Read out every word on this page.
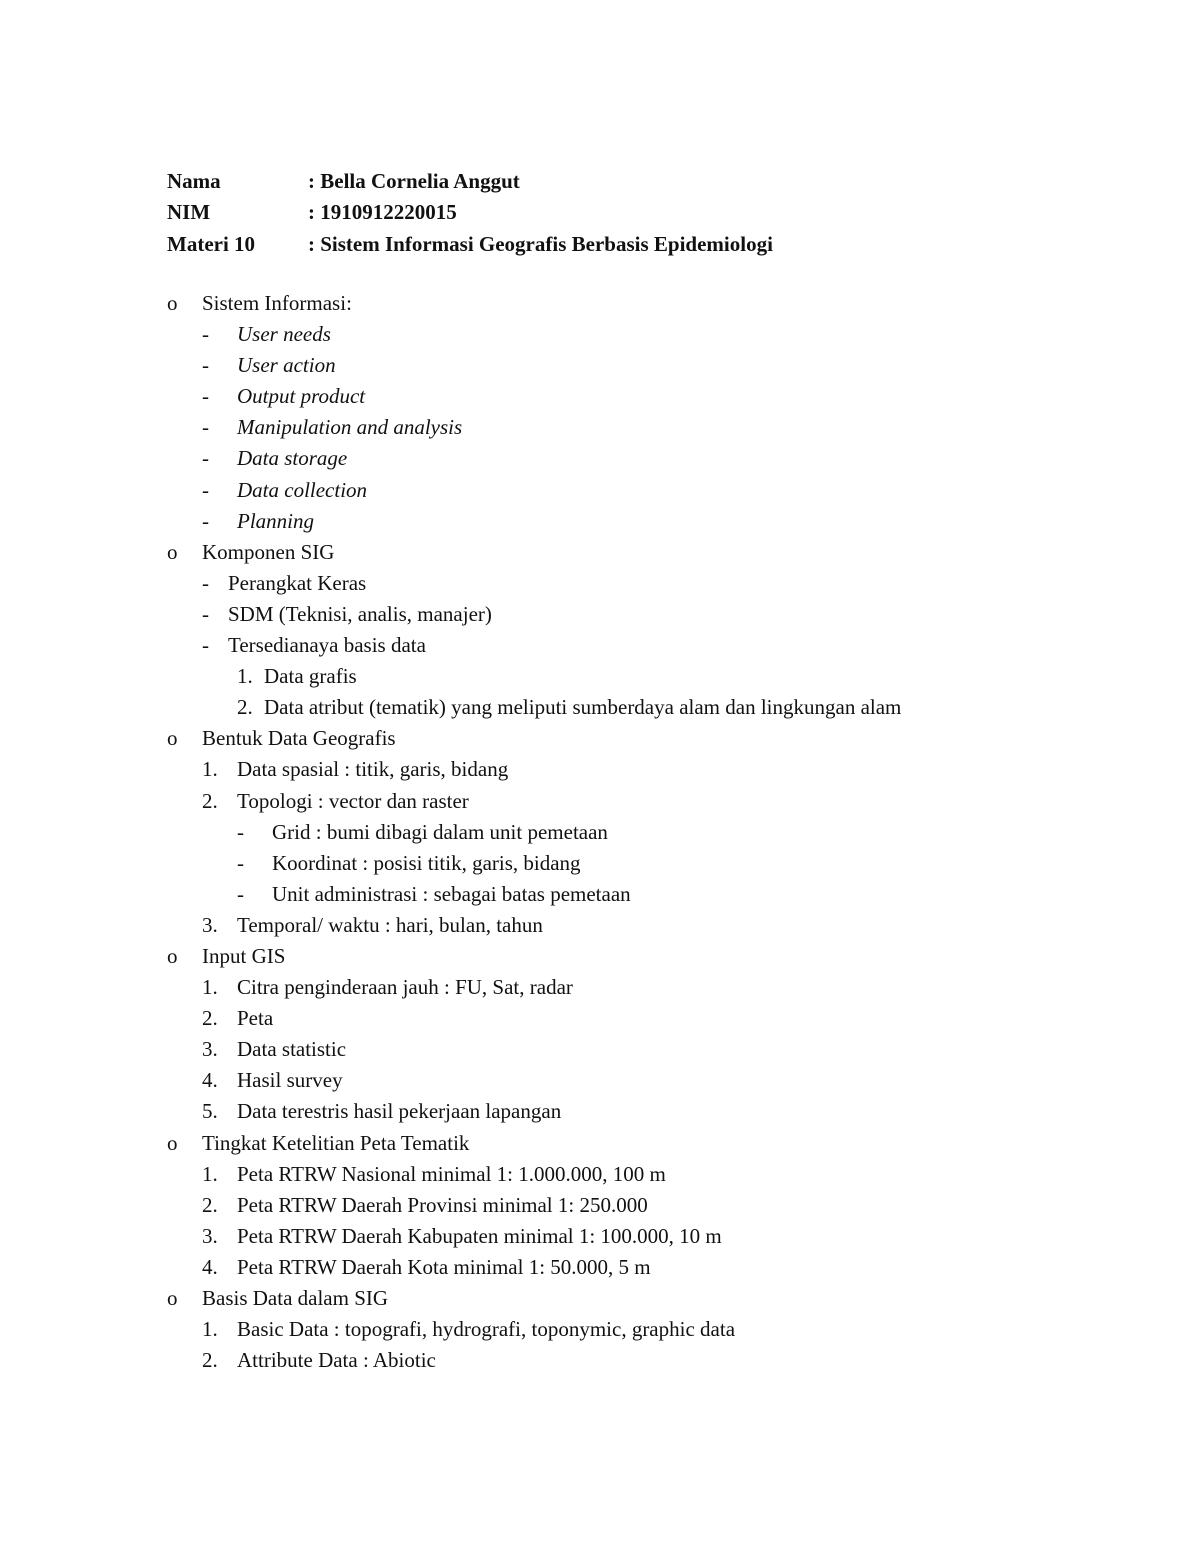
Nama	: Bella Cornelia Anggut
NIM	: 1910912220015
Materi 10	: Sistem Informasi Geografis Berbasis Epidemiologi
o Sistem Informasi:
- User needs
- User action
- Output product
- Manipulation and analysis
- Data storage
- Data collection
- Planning
o Komponen SIG
- Perangkat Keras
- SDM (Teknisi, analis, manajer)
- Tersedianaya basis data
1. Data grafis
2. Data atribut (tematik) yang meliputi sumberdaya alam dan lingkungan alam
o Bentuk Data Geografis
1. Data spasial : titik, garis, bidang
2. Topologi : vector dan raster
- Grid : bumi dibagi dalam unit pemetaan
- Koordinat : posisi titik, garis, bidang
- Unit administrasi : sebagai batas pemetaan
3. Temporal/ waktu : hari, bulan, tahun
o Input GIS
1. Citra penginderaan jauh : FU, Sat, radar
2. Peta
3. Data statistic
4. Hasil survey
5. Data terestris hasil pekerjaan lapangan
o Tingkat Ketelitian Peta Tematik
1. Peta RTRW Nasional minimal 1: 1.000.000, 100 m
2. Peta RTRW Daerah Provinsi minimal 1: 250.000
3. Peta RTRW Daerah Kabupaten minimal 1: 100.000, 10 m
4. Peta RTRW Daerah Kota minimal 1: 50.000, 5 m
o Basis Data dalam SIG
1. Basic Data : topografi, hydrografi, toponymic, graphic data
2. Attribute Data : Abiotic
